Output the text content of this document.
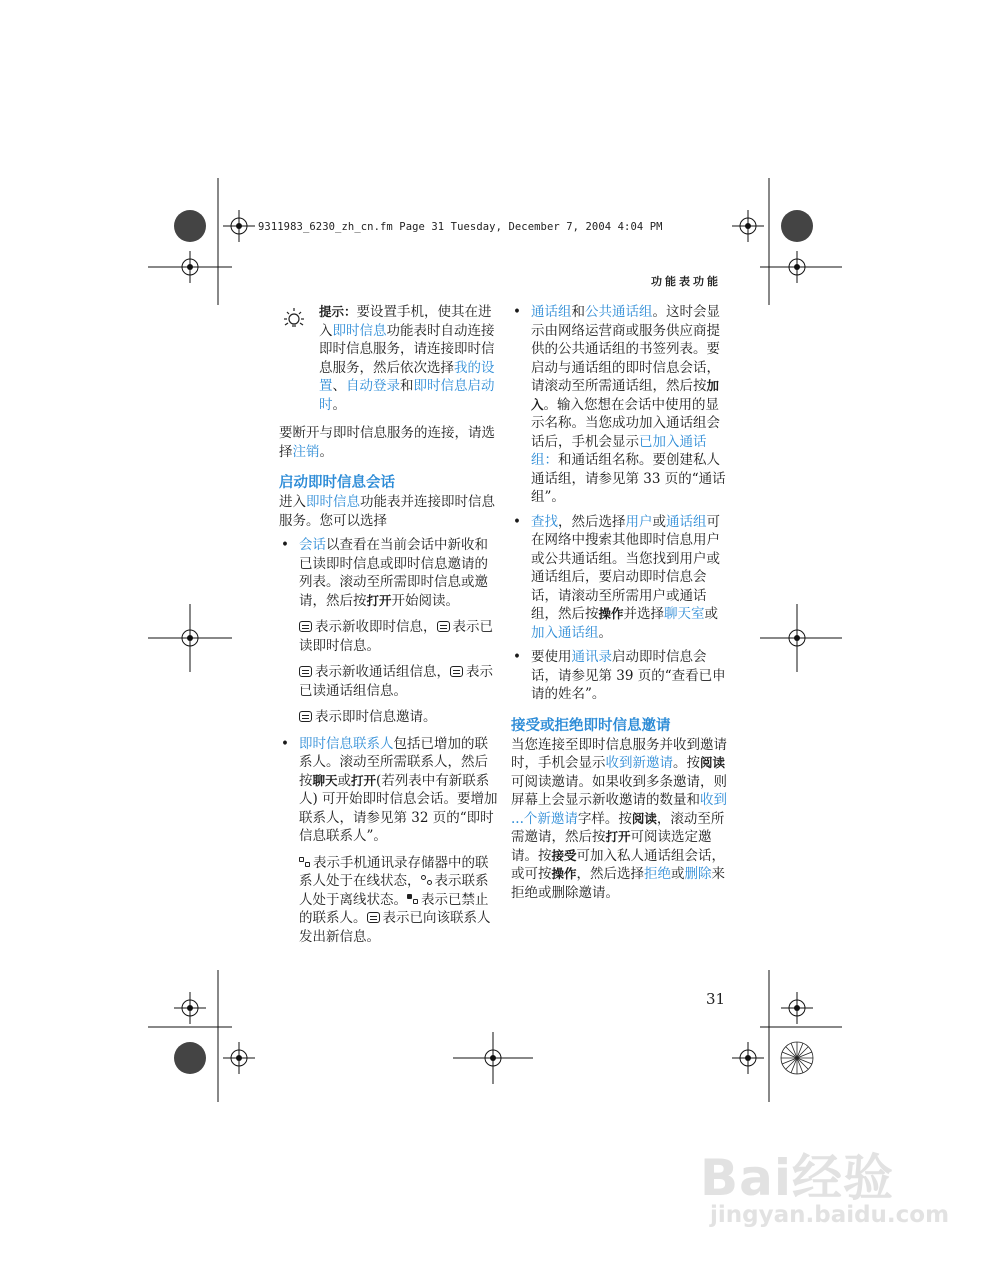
9311983_6230_zh_cn.fm Page 31 Tuesday, December 7, 2004 4:04 PM
功能表功能

提示：要设置手机，使其在进入即时信息功能表时自动连接即时信息服务，请连接即时信息服务，然后依次选择我的设置、自动登录和即时信息启动时。

要断开与即时信息服务的连接，请选择注销。

启动即时信息会话

进入即时信息功能表并连接即时信息服务。您可以选择

• 会话以查看在当前会话中新收和已读即时信息或即时信息邀请的列表。滚动至所需即时信息或邀请，然后按打开开始阅读。

表示新收即时信息， 表示已读即时信息。

表示新收通话组信息， 表示已读通话组信息。

表示即时信息邀请。

• 即时信息联系人包括已增加的联系人。滚动至所需联系人，然后按聊天或打开(若列表中有新联系人) 可开始即时信息会话。要增加联系人，请参见第 32 页的“即时信息联系人”。

表示手机通讯录存储器中的联系人处于在线状态， 表示联系人处于离线状态。 表示已禁止的联系人。 表示已向该联系人发出新信息。

• 通话组和公共通话组。这时会显示由网络运营商或服务供应商提供的公共通话组的书签列表。要启动与通话组的即时信息会话，请滚动至所需通话组，然后按加入。输入您想在会话中使用的显示名称。当您成功加入通话组会话后，手机会显示已加入通话组：和通话组名称。要创建私人通话组，请参见第 33 页的“通话组”。
• 查找，然后选择用户或通话组可在网络中搜索其他即时信息用户或公共通话组。当您找到用户或通话组后，要启动即时信息会话，请滚动至所需用户或通话组，然后按操作并选择聊天室或加入通话组。
• 要使用通讯录启动即时信息会话，请参见第 39 页的“查看已申请的姓名”。

接受或拒绝即时信息邀请

当您连接至即时信息服务并收到邀请时，手机会显示收到新邀请。按阅读可阅读邀请。如果收到多条邀请，则屏幕上会显示新收邀请的数量和收到 ...个新邀请字样。按阅读，滚动至所需邀请，然后按打开可阅读选定邀请。按接受可加入私人通话组会话，或可按操作，然后选择拒绝或删除来拒绝或删除邀请。

31
Bai经验
jingyan.baidu.com
